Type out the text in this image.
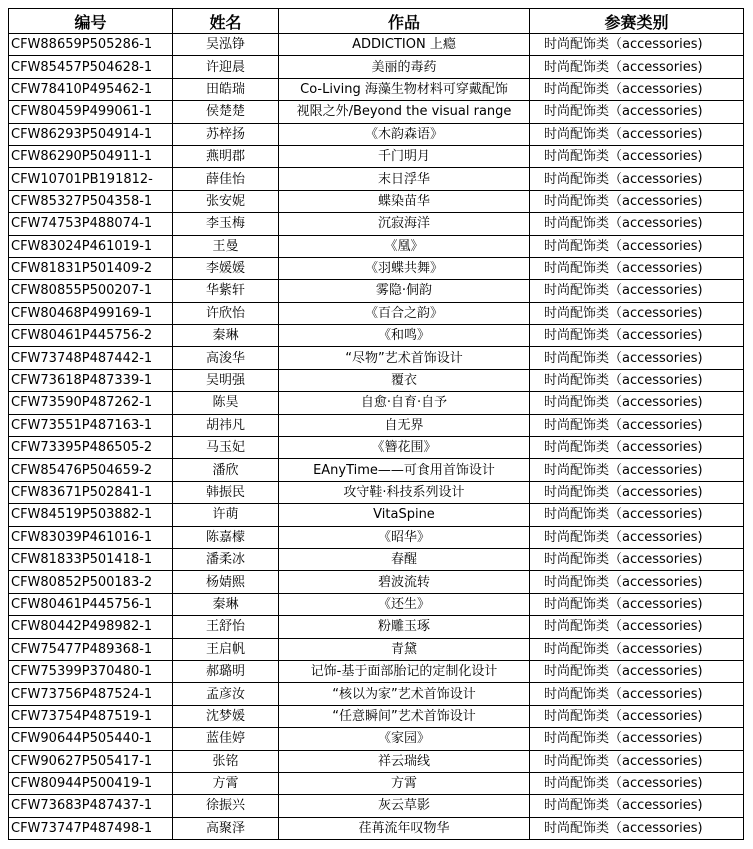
编号	姓名	作品	参赛类别
CFW88659P505286-1	吴泓铮	ADDICTION 上瘾	时尚配饰类（accessories)
CFW85457P504628-1	许迎晨	美丽的毒药	时尚配饰类（accessories)
CFW78410P495462-1	田皓瑞	Co-Living 海藻生物材料可穿戴配饰	时尚配饰类（accessories)
CFW80459P499061-1	侯楚楚	视限之外/Beyond the visual range	时尚配饰类（accessories)
CFW86293P504914-1	苏梓扬	《木韵森语》	时尚配饰类（accessories)
CFW86290P504911-1	燕明郡	千门明月	时尚配饰类（accessories)
CFW10701PB191812-	薛佳怡	末日浮华	时尚配饰类（accessories)
CFW85327P504358-1	张安妮	蝶染苗华	时尚配饰类（accessories)
CFW74753P488074-1	李玉梅	沉寂海洋	时尚配饰类（accessories)
CFW83024P461019-1	王曼	《凰》	时尚配饰类（accessories)
CFW81831P501409-2	李媛媛	《羽蝶共舞》	时尚配饰类（accessories)
CFW80855P500207-1	华紫轩	雾隐·侗韵	时尚配饰类（accessories)
CFW80468P499169-1	许欣怡	《百合之韵》	时尚配饰类（accessories)
CFW80461P445756-2	秦琳	《和鸣》	时尚配饰类（accessories)
CFW73748P487442-1	高浚华	“尽物”艺术首饰设计	时尚配饰类（accessories)
CFW73618P487339-1	吴明强	覆衣	时尚配饰类（accessories)
CFW73590P487262-1	陈昊	自愈·自育·自予	时尚配饰类（accessories)
CFW73551P487163-1	胡祎凡	自无界	时尚配饰类（accessories)
CFW73395P486505-2	马玉妃	《簪花围》	时尚配饰类（accessories)
CFW85476P504659-2	潘欣	EAnyTime——可食用首饰设计	时尚配饰类（accessories)
CFW83671P502841-1	韩振民	攻守鞋·科技系列设计	时尚配饰类（accessories)
CFW84519P503882-1	许萌	VitaSpine	时尚配饰类（accessories)
CFW83039P461016-1	陈嘉檬	《昭华》	时尚配饰类（accessories)
CFW81833P501418-1	潘柔冰	春醒	时尚配饰类（accessories)
CFW80852P500183-2	杨婧熙	碧波流转	时尚配饰类（accessories)
CFW80461P445756-1	秦琳	《还生》	时尚配饰类（accessories)
CFW80442P498982-1	王舒怡	粉雕玉琢	时尚配饰类（accessories)
CFW75477P489368-1	王启帆	青黛	时尚配饰类（accessories)
CFW75399P370480-1	郝璐明	记饰-基于面部胎记的定制化设计	时尚配饰类（accessories)
CFW73756P487524-1	孟彦汝	“核以为家”艺术首饰设计	时尚配饰类（accessories)
CFW73754P487519-1	沈梦媛	“任意瞬间”艺术首饰设计	时尚配饰类（accessories)
CFW90644P505440-1	蓝佳婷	《家园》	时尚配饰类（accessories)
CFW90627P505417-1	张铭	祥云瑞线	时尚配饰类（accessories)
CFW80944P500419-1	方霄	方霄	时尚配饰类（accessories)
CFW73683P487437-1	徐振兴	灰云草影	时尚配饰类（accessories)
CFW73747P487498-1	高聚泽	荏苒流年叹物华	时尚配饰类（accessories)
